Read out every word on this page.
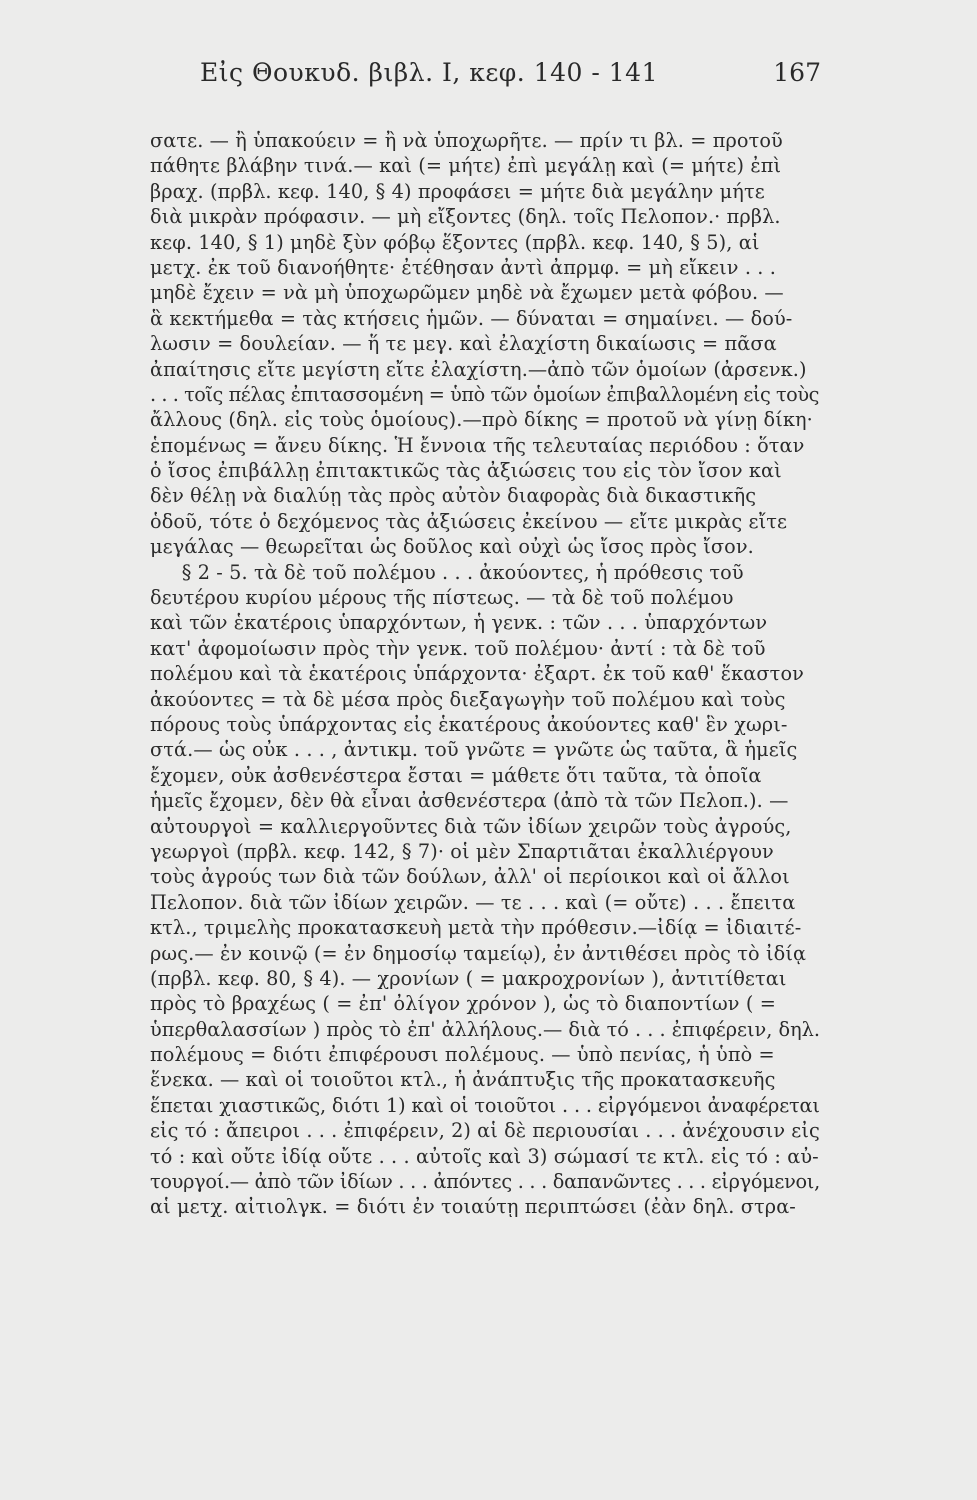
Εἰς Θουκυδ. βιβλ. Ι, κεφ. 140 - 141	167
σατε. — ἢ ὑπακούειν = ἢ νὰ ὑποχωρῆτε. — πρίν τι βλ. = προτοῦ
πάθητε βλάβην τινά.— καὶ (= μήτε) ἐπὶ μεγάλῃ καὶ (= μήτε) ἐπὶ
βραχ. (πρβλ. κεφ. 140, § 4) προφάσει = μήτε διὰ μεγάλην μήτε
διὰ μικρὰν πρόφασιν. — μὴ εἴξοντες (δηλ. τοῖς Πελοπον.· πρβλ.
κεφ. 140, § 1) μηδὲ ξὺν φόβῳ ἕξοντες (πρβλ. κεφ. 140, § 5), αἱ
μετχ. ἐκ τοῦ διανοήθητε· ἐτέθησαν ἀντὶ ἀπρμφ. = μὴ εἴκειν . . .
μηδὲ ἔχειν = νὰ μὴ ὑποχωρῶμεν μηδὲ νὰ ἔχωμεν μετὰ φόβου. —
ἃ κεκτήμεθα = τὰς κτήσεις ἡμῶν. — δύναται = σημαίνει. — δού-
λωσιν = δουλείαν. — ἥ τε μεγ. καὶ ἐλαχίστη δικαίωσις = πᾶσα
ἀπαίτησις εἴτε μεγίστη εἴτε ἐλαχίστη.—ἀπὸ τῶν ὁμοίων (ἀρσενκ.)
. . . τοῖς πέλας ἐπιτασσομένη = ὑπὸ τῶν ὁμοίων ἐπιβαλλομένη εἰς τοὺς
ἄλλους (δηλ. εἰς τοὺς ὁμοίους).—πρὸ δίκης = προτοῦ νὰ γίνῃ δίκη·
ἑπομένως = ἄνευ δίκης. Ἡ ἔννοια τῆς τελευταίας περιόδου : ὅταν
ὁ ἴσος ἐπιβάλλῃ ἐπιτακτικῶς τὰς ἀξιώσεις του εἰς τὸν ἴσον καὶ
δὲν θέλῃ νὰ διαλύῃ τὰς πρὸς αὐτὸν διαφορὰς διὰ δικαστικῆς
ὁδοῦ, τότε ὁ δεχόμενος τὰς ἀξιώσεις ἐκείνου — εἴτε μικρὰς εἴτε
μεγάλας — θεωρεῖται ὡς δοῦλος καὶ οὐχὶ ὡς ἴσος πρὸς ἴσον.
§ 2 - 5. τὰ δὲ τοῦ πολέμου . . . ἀκούοντες, ἡ πρόθεσις τοῦ
δευτέρου κυρίου μέρους τῆς πίστεως. — τὰ δὲ τοῦ πολέμου
καὶ τῶν ἑκατέροις ὑπαρχόντων, ἡ γενκ. : τῶν . . . ὑπαρχόντων
κατ' ἀφομοίωσιν πρὸς τὴν γενκ. τοῦ πολέμου· ἀντί : τὰ δὲ τοῦ
πολέμου καὶ τὰ ἑκατέροις ὑπάρχοντα· ἐξαρτ. ἐκ τοῦ καθ' ἕκαστον
ἀκούοντες = τὰ δὲ μέσα πρὸς διεξαγωγὴν τοῦ πολέμου καὶ τοὺς
πόρους τοὺς ὑπάρχοντας εἰς ἑκατέρους ἀκούοντες καθ' ἓν χωρι-
στά.— ὡς οὐκ . . . , ἀντικμ. τοῦ γνῶτε = γνῶτε ὡς ταῦτα, ἃ ἡμεῖς
ἔχομεν, οὐκ ἀσθενέστερα ἔσται = μάθετε ὅτι ταῦτα, τὰ ὁποῖα
ἡμεῖς ἔχομεν, δὲν θὰ εἶναι ἀσθενέστερα (ἀπὸ τὰ τῶν Πελοπ.). —
αὐτουργοὶ = καλλιεργοῦντες διὰ τῶν ἰδίων χειρῶν τοὺς ἀγρούς,
γεωργοὶ (πρβλ. κεφ. 142, § 7)· οἱ μὲν Σπαρτιᾶται ἐκαλλιέργουν
τοὺς ἀγρούς των διὰ τῶν δούλων, ἀλλ' οἱ περίοικοι καὶ οἱ ἄλλοι
Πελοπον. διὰ τῶν ἰδίων χειρῶν. — τε . . . καὶ (= οὔτε) . . . ἔπειτα
κτλ., τριμελὴς προκατασκευὴ μετὰ τὴν πρόθεσιν.—ἰδίᾳ = ἰδιαιτέ-
ρως.— ἐν κοινῷ (= ἐν δημοσίῳ ταμείῳ), ἐν ἀντιθέσει πρὸς τὸ ἰδίᾳ
(πρβλ. κεφ. 80, § 4). — χρονίων ( = μακροχρονίων ), ἀντιτίθεται
πρὸς τὸ βραχέως ( = ἐπ' ὀλίγον χρόνον ), ὡς τὸ διαποντίων ( =
ὑπερθαλασσίων ) πρὸς τὸ ἐπ' ἀλλήλους.— διὰ τό . . . ἐπιφέρειν, δηλ.
πολέμους = διότι ἐπιφέρουσι πολέμους. — ὑπὸ πενίας, ἡ ὑπὸ =
ἕνεκα. — καὶ οἱ τοιοῦτοι κτλ., ἡ ἀνάπτυξις τῆς προκατασκευῆς
ἕπεται χιαστικῶς, διότι 1) καὶ οἱ τοιοῦτοι . . . εἰργόμενοι ἀναφέρεται
εἰς τό : ἄπειροι . . . ἐπιφέρειν, 2) αἱ δὲ περιουσίαι . . . ἀνέχουσιν εἰς
τό : καὶ οὔτε ἰδίᾳ οὔτε . . . αὐτοῖς καὶ 3) σώμασί τε κτλ. εἰς τό : αὐ-
τουργοί.— ἀπὸ τῶν ἰδίων . . . ἀπόντες . . . δαπανῶντες . . . εἰργόμενοι,
αἱ μετχ. αἰτιολγκ. = διότι ἐν τοιαύτῃ περιπτώσει (ἐὰν δηλ. στρα-
